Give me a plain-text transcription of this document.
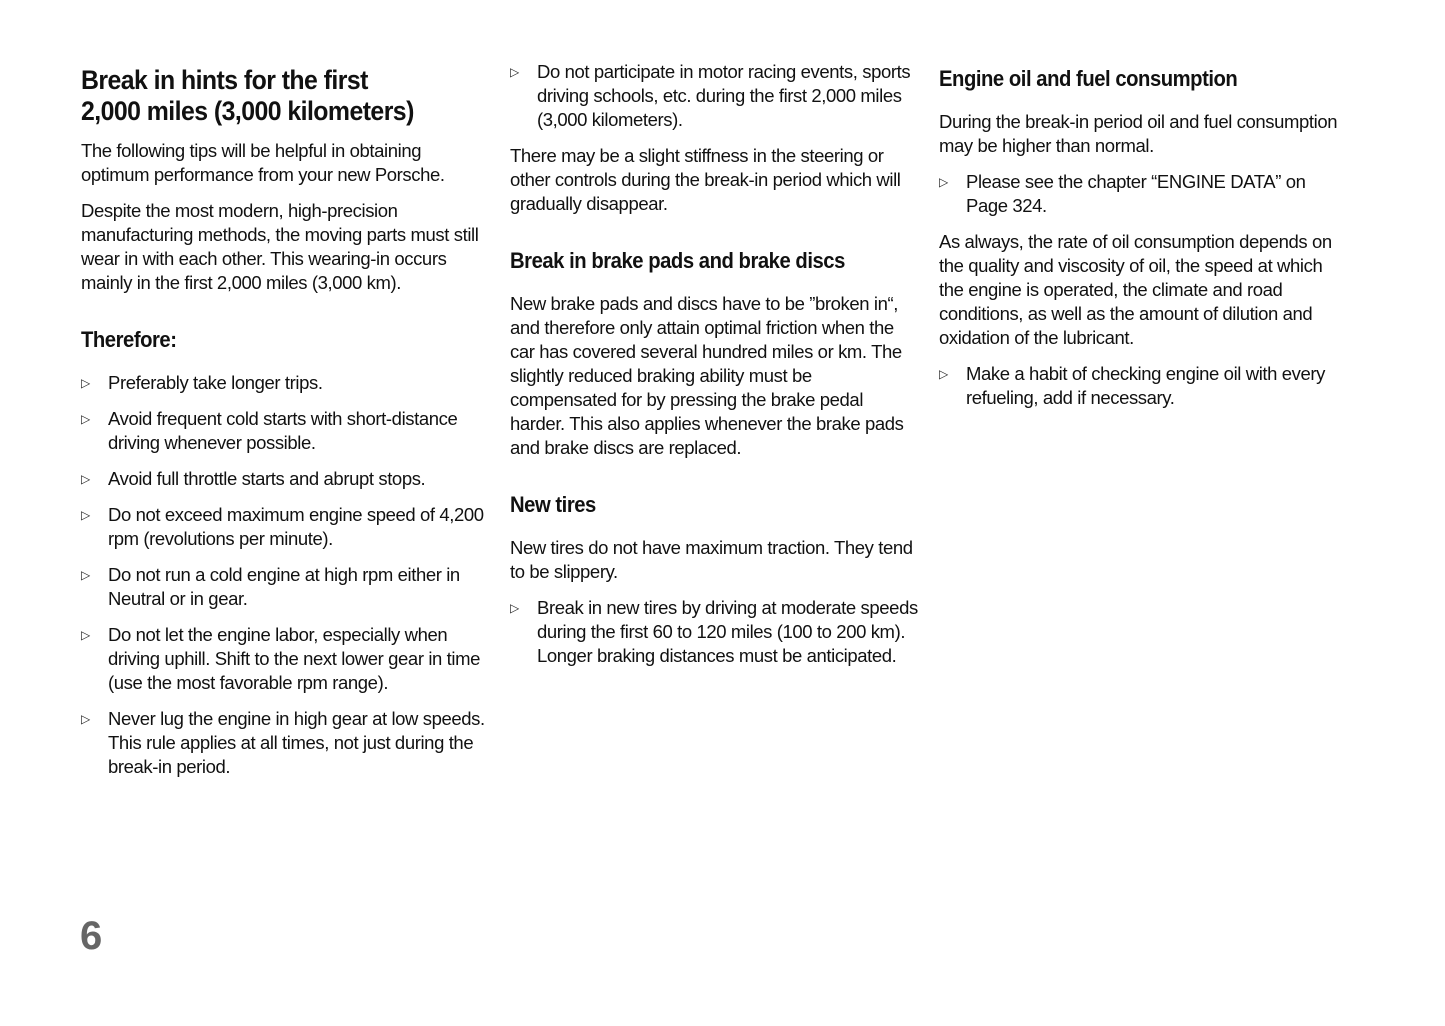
Break in hints for the first
2,000 miles (3,000 kilometers)

The following tips will be helpful in obtaining optimum performance from your new Porsche.

Despite the most modern, high-precision manufacturing methods, the moving parts must still wear in with each other. This wearing-in occurs mainly in the first 2,000 miles (3,000 km).

Therefore:
▷ Preferably take longer trips.
▷ Avoid frequent cold starts with short-distance driving whenever possible.
▷ Avoid full throttle starts and abrupt stops.
▷ Do not exceed maximum engine speed of 4,200 rpm (revolutions per minute).
▷ Do not run a cold engine at high rpm either in Neutral or in gear.
▷ Do not let the engine labor, especially when driving uphill. Shift to the next lower gear in time (use the most favorable rpm range).
▷ Never lug the engine in high gear at low speeds. This rule applies at all times, not just during the break-in period.
▷ Do not participate in motor racing events, sports driving schools, etc. during the first 2,000 miles (3,000 kilometers).

There may be a slight stiffness in the steering or other controls during the break-in period which will gradually disappear.

Break in brake pads and brake discs

New brake pads and discs have to be ”broken in“, and therefore only attain optimal friction when the car has covered several hundred miles or km. The slightly reduced braking ability must be compensated for by pressing the brake pedal harder. This also applies whenever the brake pads and brake discs are replaced.

New tires

New tires do not have maximum traction. They tend to be slippery.

▷ Break in new tires by driving at moderate speeds during the first 60 to 120 miles (100 to 200 km). Longer braking distances must be anticipated.
Engine oil and fuel consumption

During the break-in period oil and fuel consumption may be higher than normal.

▷ Please see the chapter “ENGINE DATA” on Page 324.

As always, the rate of oil consumption depends on the quality and viscosity of oil, the speed at which the engine is operated, the climate and road conditions, as well as the amount of dilution and oxidation of the lubricant.

▷ Make a habit of checking engine oil with every refueling, add if necessary.
6
